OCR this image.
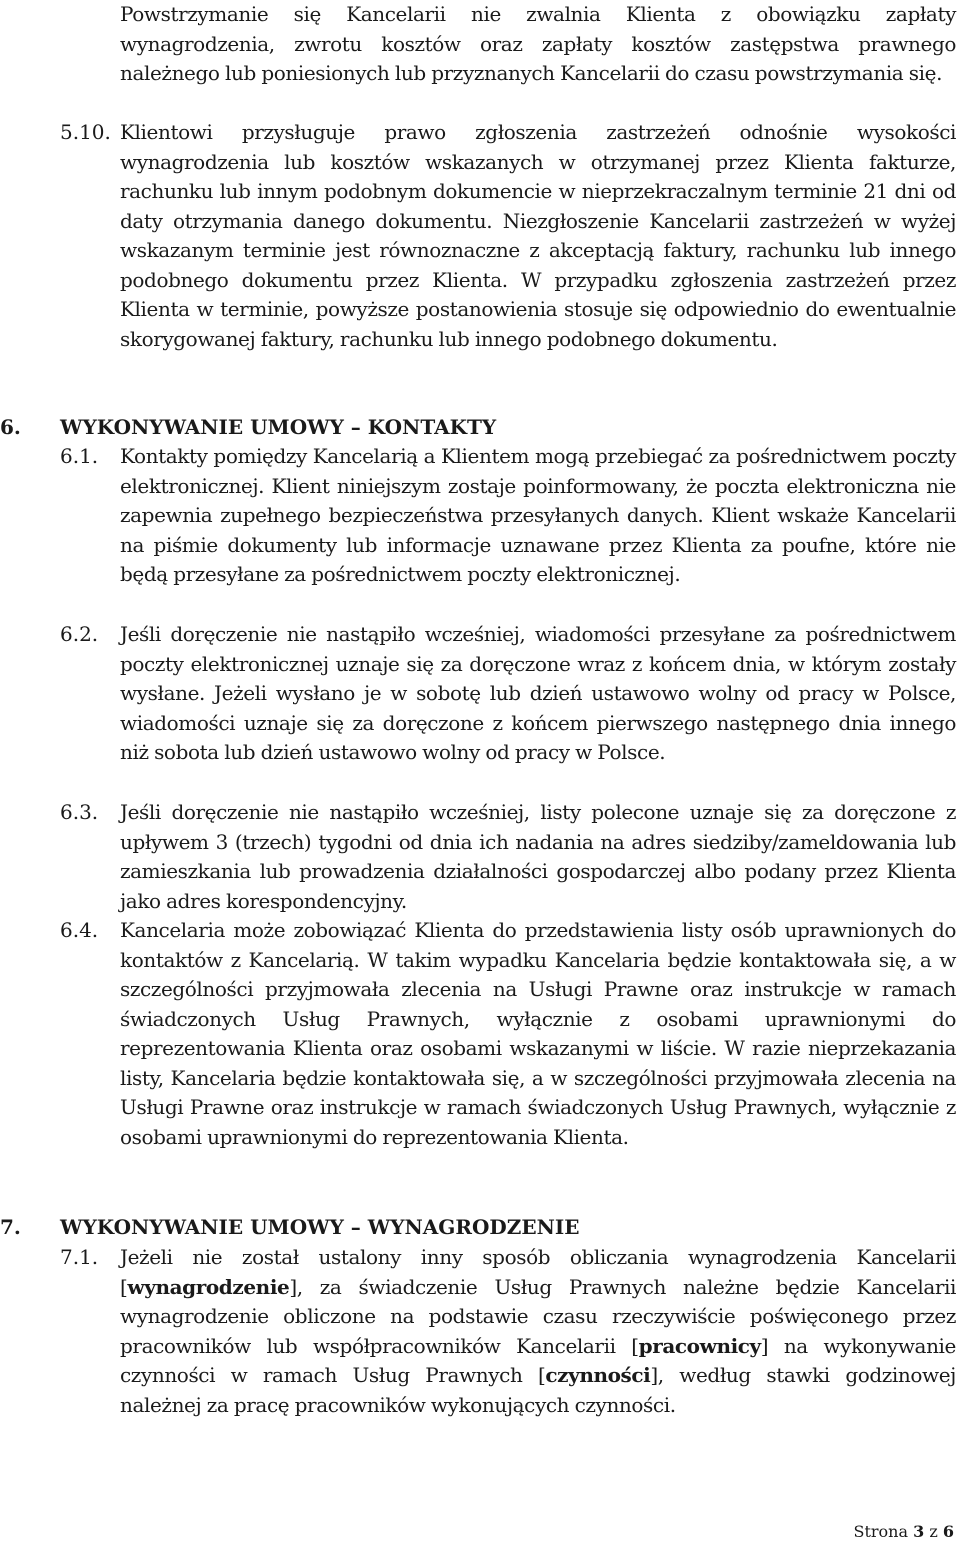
Powstrzymanie się Kancelarii nie zwalnia Klienta z obowiązku zapłaty wynagrodzenia, zwrotu kosztów oraz zapłaty kosztów zastępstwa prawnego należnego lub poniesionych lub przyznanych Kancelarii do czasu powstrzymania się.

5.10. Klientowi przysługuje prawo zgłoszenia zastrzeżeń odnośnie wysokości wynagrodzenia lub kosztów wskazanych w otrzymanej przez Klienta fakturze, rachunku lub innym podobnym dokumencie w nieprzekraczalnym terminie 21 dni od daty otrzymania danego dokumentu. Niezgłoszenie Kancelarii zastrzeżeń w wyżej wskazanym terminie jest równoznaczne z akceptacją faktury, rachunku lub innego podobnego dokumentu przez Klienta. W przypadku zgłoszenia zastrzeżeń przez Klienta w terminie, powyższe postanowienia stosuje się odpowiednio do ewentualnie skorygowanej faktury, rachunku lub innego podobnego dokumentu.

6. WYKONYWANIE UMOWY – KONTAKTY
6.1. Kontakty pomiędzy Kancelarią a Klientem mogą przebiegać za pośrednictwem poczty elektronicznej. Klient niniejszym zostaje poinformowany, że poczta elektroniczna nie zapewnia zupełnego bezpieczeństwa przesyłanych danych. Klient wskaże Kancelarii na piśmie dokumenty lub informacje uznawane przez Klienta za poufne, które nie będą przesyłane za pośrednictwem poczty elektronicznej.

6.2. Jeśli doręczenie nie nastąpiło wcześniej, wiadomości przesyłane za pośrednictwem poczty elektronicznej uznaje się za doręczone wraz z końcem dnia, w którym zostały wysłane. Jeżeli wysłano je w sobotę lub dzień ustawowo wolny od pracy w Polsce, wiadomości uznaje się za doręczone z końcem pierwszego następnego dnia innego niż sobota lub dzień ustawowo wolny od pracy w Polsce.

6.3. Jeśli doręczenie nie nastąpiło wcześniej, listy polecone uznaje się za doręczone z upływem 3 (trzech) tygodni od dnia ich nadania na adres siedziby/zameldowania lub zamieszkania lub prowadzenia działalności gospodarczej albo podany przez Klienta jako adres korespondencyjny.

6.4. Kancelaria może zobowiązać Klienta do przedstawienia listy osób uprawnionych do kontaktów z Kancelarią. W takim wypadku Kancelaria będzie kontaktowała się, a w szczególności przyjmowała zlecenia na Usługi Prawne oraz instrukcje w ramach świadczonych Usług Prawnych, wyłącznie z osobami uprawnionymi do reprezentowania Klienta oraz osobami wskazanymi w liście. W razie nieprzekazania listy, Kancelaria będzie kontaktowała się, a w szczególności przyjmowała zlecenia na Usługi Prawne oraz instrukcje w ramach świadczonych Usług Prawnych, wyłącznie z osobami uprawnionymi do reprezentowania Klienta.

7. WYKONYWANIE UMOWY – WYNAGRODZENIE
7.1. Jeżeli nie został ustalony inny sposób obliczania wynagrodzenia Kancelarii [wynagrodzenie], za świadczenie Usług Prawnych należne będzie Kancelarii wynagrodzenie obliczone na podstawie czasu rzeczywiście poświęconego przez pracowników lub współpracowników Kancelarii [pracownicy] na wykonywanie czynności w ramach Usług Prawnych [czynności], według stawki godzinowej należnej za pracę pracowników wykonujących czynności.

Strona 3 z 6
